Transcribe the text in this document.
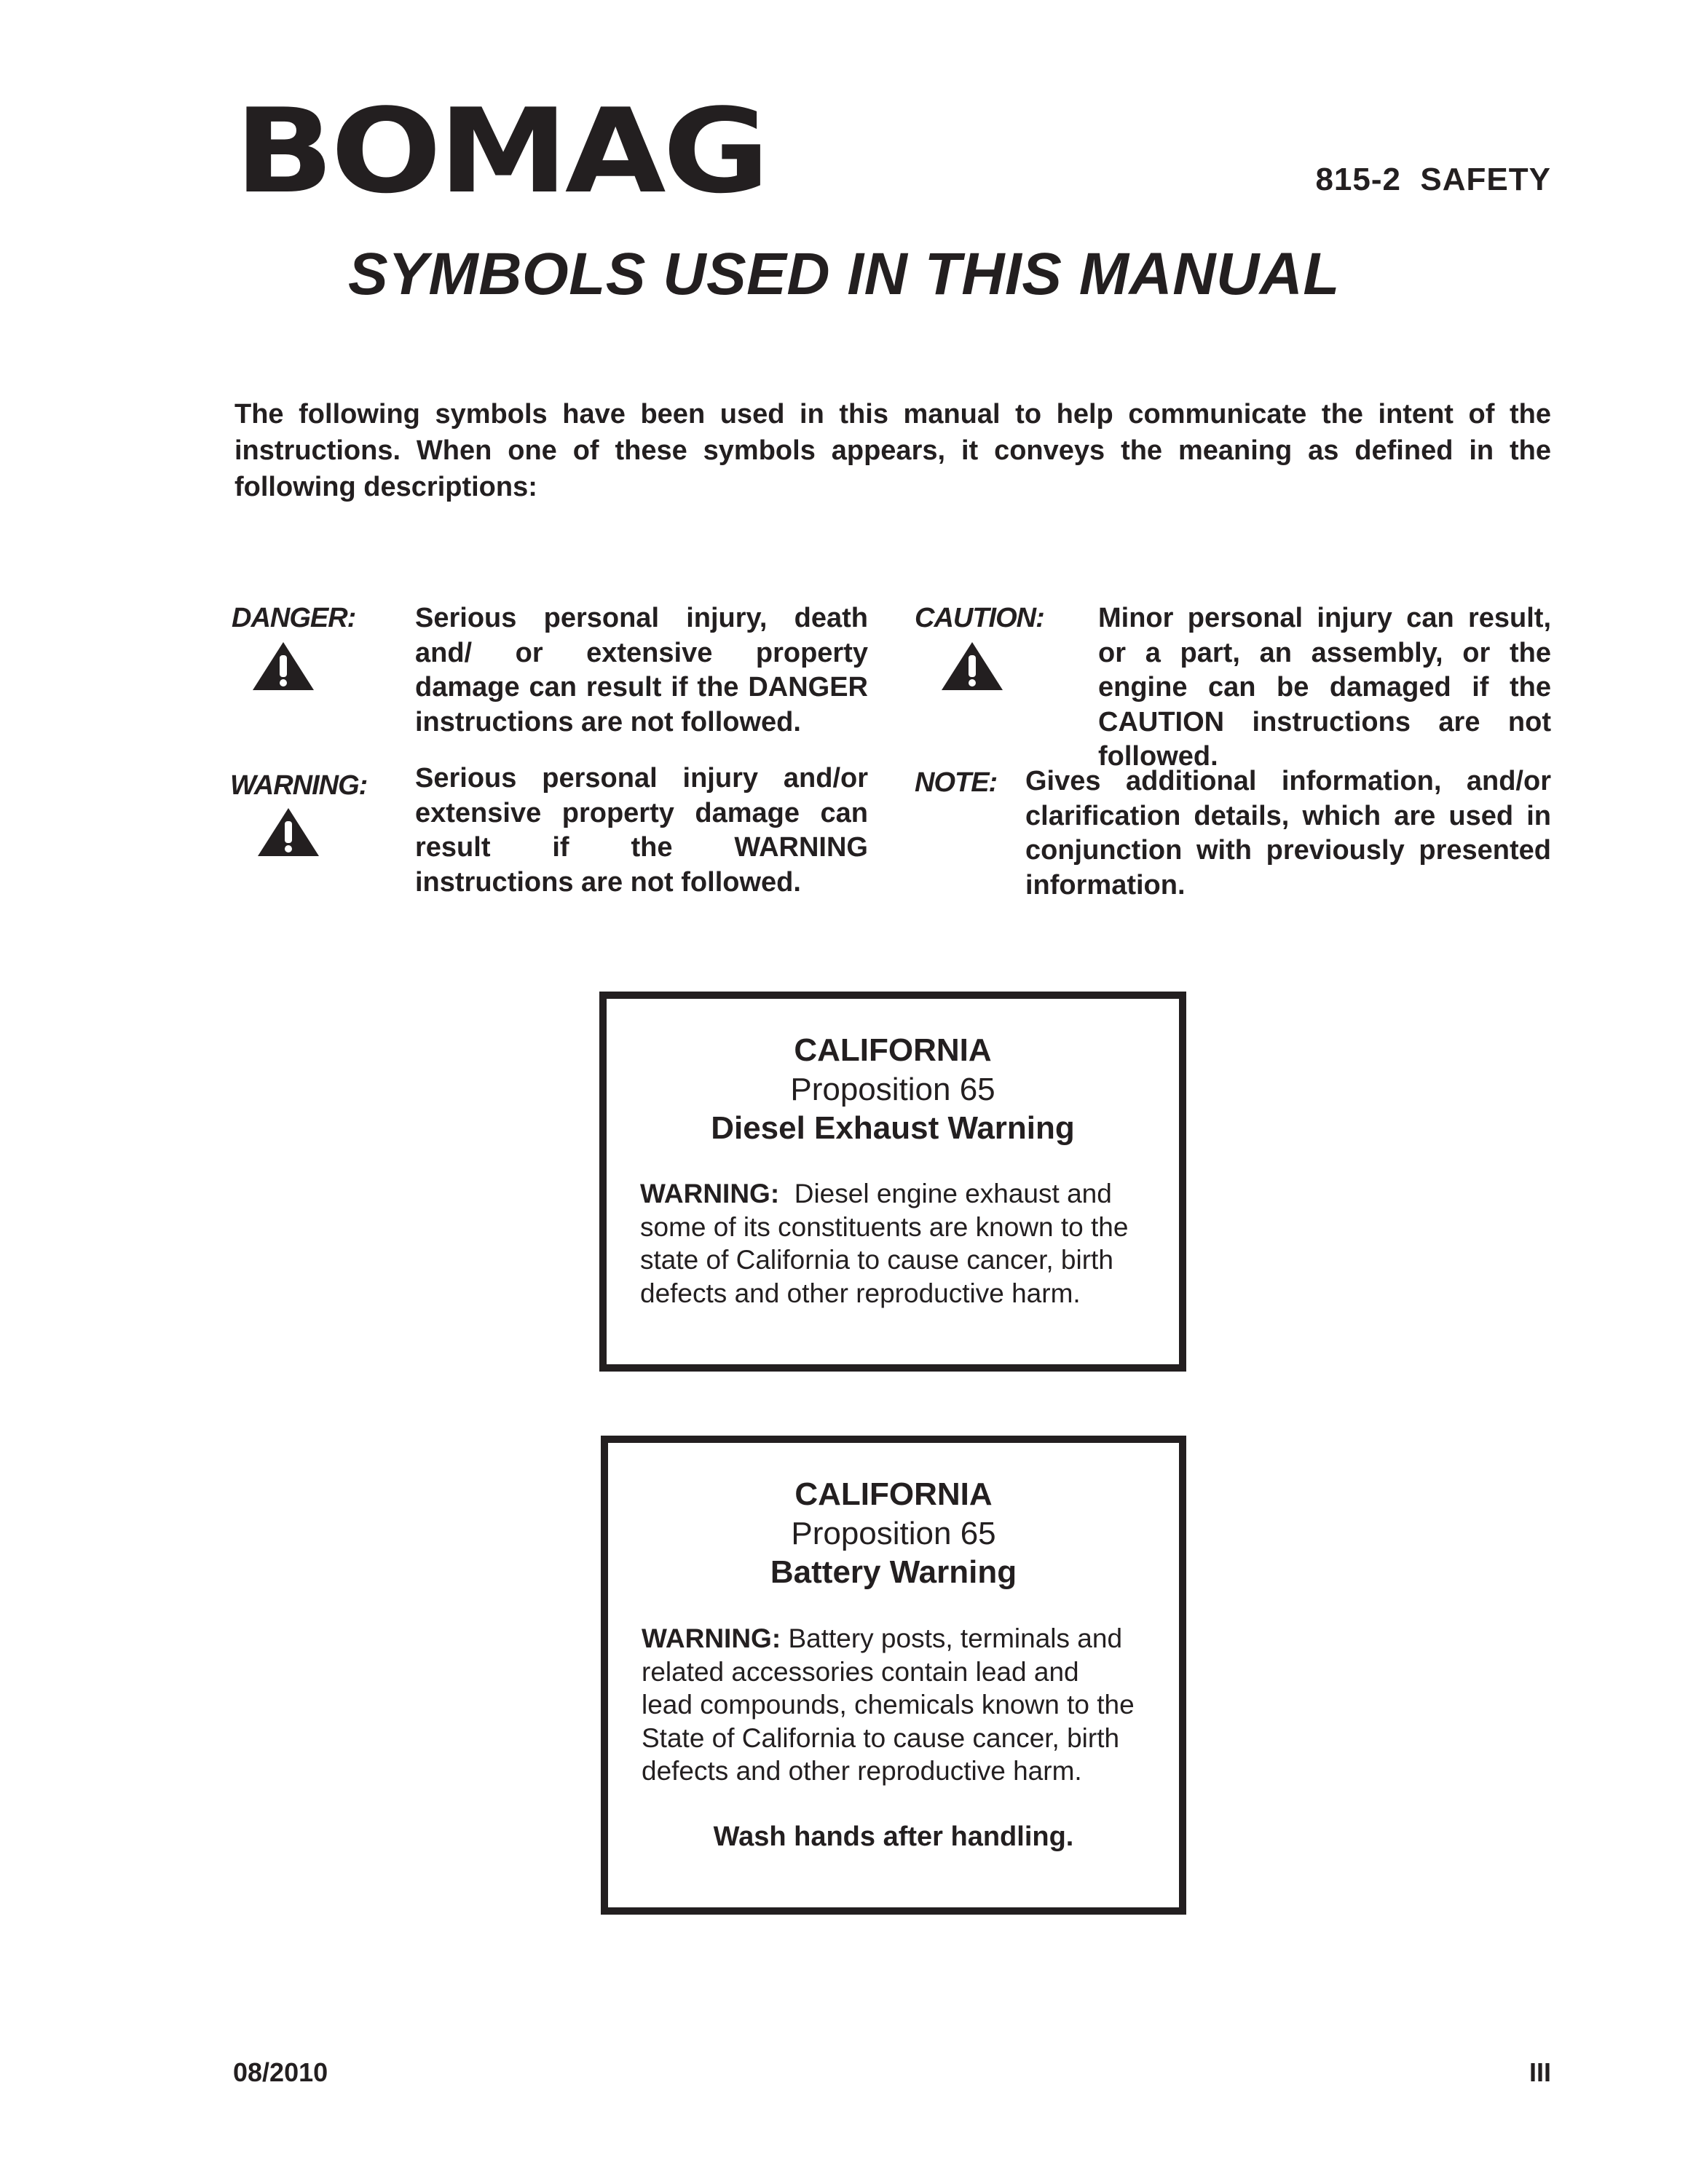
BOMAG	815-2  SAFETY
SYMBOLS USED IN THIS MANUAL
The following symbols have been used in this manual to help communicate the intent of the instructions. When one of these symbols appears, it conveys the meaning as defined in the following descriptions:
DANGER: Serious personal injury, death and/ or extensive property damage can result if the DANGER instructions are not followed.
CAUTION: Minor personal injury can result, or a part, an assembly, or the engine can be damaged if the CAUTION instructions are not followed.
WARNING: Serious personal injury and/or extensive property damage can result if the WARNING instructions are not followed.
NOTE: Gives additional information, and/or clarification details, which are used in conjunction with previously presented information.
CALIFORNIA
Proposition 65
Diesel Exhaust Warning
WARNING: Diesel engine exhaust and
some of its constituents are known to the
state of California to cause cancer, birth
defects and other reproductive harm.
CALIFORNIA
Proposition 65
Battery Warning
WARNING: Battery posts, terminals and
related accessories contain lead and
lead compounds, chemicals known to the
State of California to cause cancer, birth
defects and other reproductive harm.
Wash hands after handling.
08/2010	III
